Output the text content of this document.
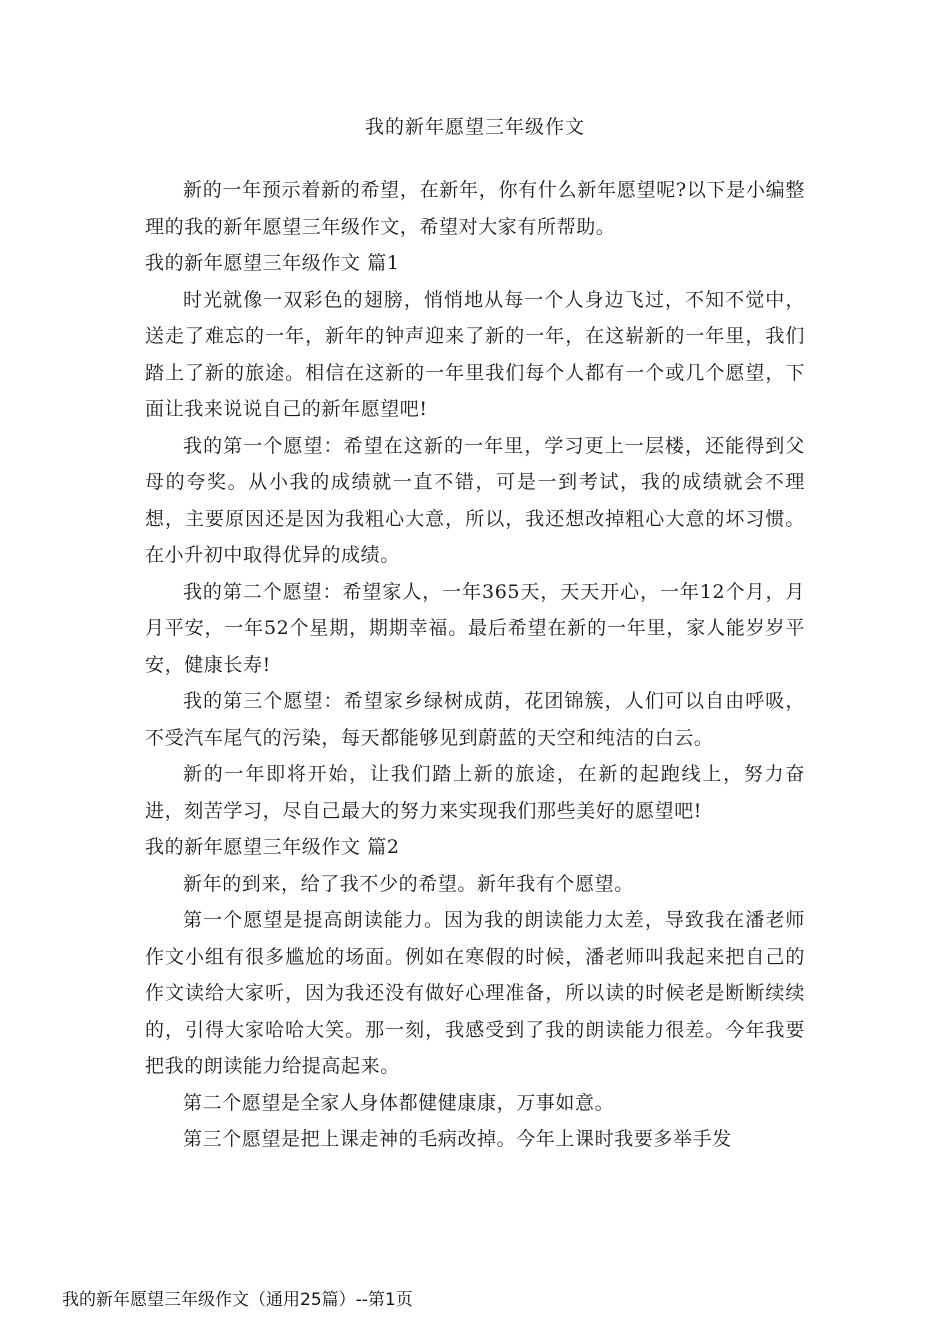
我的新年愿望三年级作文

新的一年预示着新的希望，在新年，你有什么新年愿望呢?以下是小编整理的我的新年愿望三年级作文，希望对大家有所帮助。

我的新年愿望三年级作文 篇1

时光就像一双彩色的翅膀，悄悄地从每一个人身边飞过，不知不觉中，送走了难忘的一年，新年的钟声迎来了新的一年，在这崭新的一年里，我们踏上了新的旅途。相信在这新的一年里我们每个人都有一个或几个愿望，下面让我来说说自己的新年愿望吧!

我的第一个愿望：希望在这新的一年里，学习更上一层楼，还能得到父母的夸奖。从小我的成绩就一直不错，可是一到考试，我的成绩就会不理想，主要原因还是因为我粗心大意，所以，我还想改掉粗心大意的坏习惯。在小升初中取得优异的成绩。

我的第二个愿望：希望家人，一年365天，天天开心，一年12个月，月月平安，一年52个星期，期期幸福。最后希望在新的一年里，家人能岁岁平安，健康长寿!

我的第三个愿望：希望家乡绿树成荫，花团锦簇，人们可以自由呼吸，不受汽车尾气的污染，每天都能够见到蔚蓝的天空和纯洁的白云。

新的一年即将开始，让我们踏上新的旅途，在新的起跑线上，努力奋进，刻苦学习，尽自己最大的努力来实现我们那些美好的愿望吧!

我的新年愿望三年级作文 篇2

新年的到来，给了我不少的希望。新年我有个愿望。

第一个愿望是提高朗读能力。因为我的朗读能力太差，导致我在潘老师作文小组有很多尴尬的场面。例如在寒假的时候，潘老师叫我起来把自己的作文读给大家听，因为我还没有做好心理准备，所以读的时候老是断断续续的，引得大家哈哈大笑。那一刻，我感受到了我的朗读能力很差。今年我要把我的朗读能力给提高起来。

第二个愿望是全家人身体都健健康康，万事如意。

第三个愿望是把上课走神的毛病改掉。今年上课时我要多举手发

我的新年愿望三年级作文（通用25篇）--第1页
